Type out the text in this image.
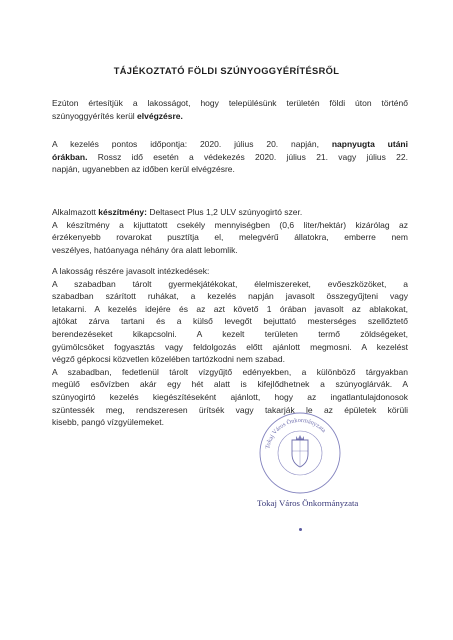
TÁJÉKOZTATÓ FÖLDI SZÚNYOGGYÉRÍTÉSRŐL
Ezúton értesítjük a lakosságot, hogy településünk területén földi úton történő
szúnyoggyérítés kerül elvégzésre.
A kezelés pontos időpontja: 2020. július 20. napján, napnyugta utáni
órákban. Rossz idő esetén a védekezés 2020. július 21. vagy július 22.
napján, ugyanebben az időben kerül elvégzésre.
Alkalmazott készítmény: Deltasect Plus 1,2 ULV szúnyogirtó szer.
A készítmény a kijuttatott csekély mennyiségben (0,6 liter/hektár) kizárólag az
érzékenyebb rovarokat pusztítja el, melegvérű állatokra, emberre nem
veszélyes, hatóanyaga néhány óra alatt lebomlik.
A lakosság részére javasolt intézkedések:
A szabadban tárolt gyermekjátékokat, élelmiszereket, evőeszközöket, a
szabadban szárított ruhákat, a kezelés napján javasolt összegyűjteni vagy
letakarni. A kezelés idejére és az azt követő 1 órában javasolt az ablakokat,
ajtókat zárva tartani és a külső levegőt bejuttató mesterséges szellőztető
berendezéseket kikapcsolni. A kezelt területen termő zöldségeket,
gyümölcsöket fogyasztás vagy feldolgozás előtt ajánlott megmosni. A kezelést
végző gépkocsi közvetlen közelében tartózkodni nem szabad.
A szabadban, fedetlenül tárolt vízgyűjtő edényekben, a különböző tárgyakban
megülő esővízben akár egy hét alatt is kifejlődhetnek a szúnyoglárvák. A
szúnyogirtó kezelés kiegészítéseként ajánlott, hogy az ingatlantulajdonosok
szüntessék meg, rendszeresen ürítsék vagy takarják le az épületek körüli
kisebb, pangó vízgyülemeket.
Tokaj Város Önkormányzata
Tokaj Város Önkormányzata
